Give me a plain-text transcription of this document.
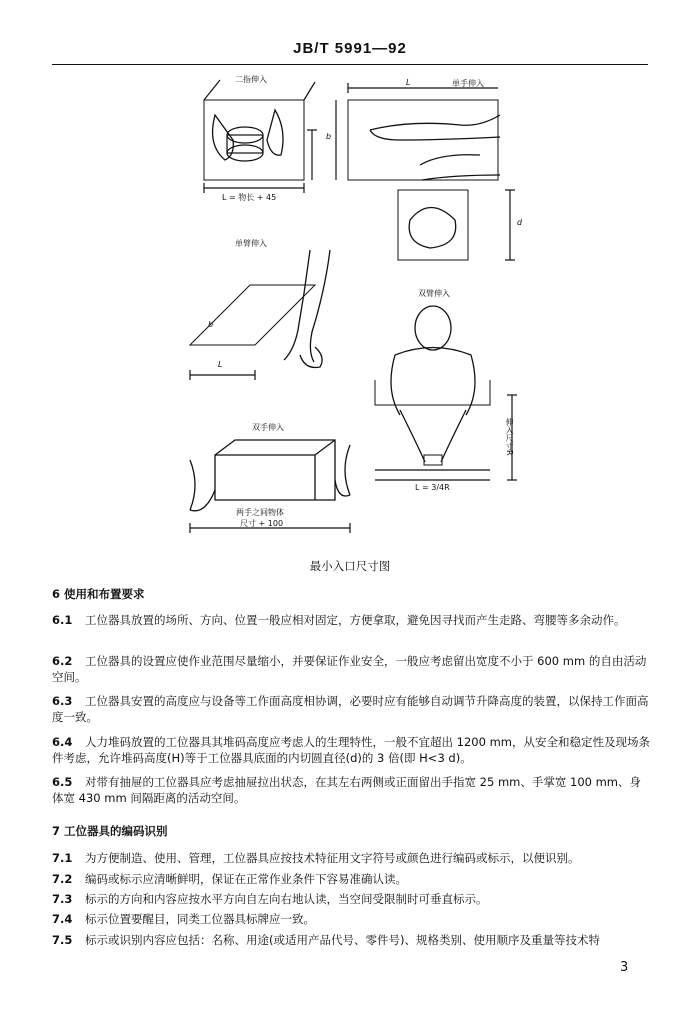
JB/T 5991—92
二指伸入	单手伸入
L
b
d
L = 物长 + 45
单臂伸入
L
b
双臂伸入
伸入尺寸R
L = 3/4R
双手伸入
两手之间物体
尺寸 + 100
最小入口尺寸图
6 使用和布置要求

6.1 工位器具放置的场所、方向、位置一般应相对固定，方便拿取，避免因寻找而产生走路、弯腰等多余动作。

6.2 工位器具的设置应使作业范围尽量缩小，并要保证作业安全，一般应考虑留出宽度不小于 600 mm 的自由活动空间。

6.3 工位器具安置的高度应与设备等工作面高度相协调，必要时应有能够自动调节升降高度的装置，以保持工作面高度一致。

6.4 人力堆码放置的工位器具其堆码高度应考虑人的生理特性，一般不宜超出 1200 mm，从安全和稳定性及现场条件考虑，允许堆码高度(H)等于工位器具底面的内切圆直径(d)的 3 倍(即 H<3 d)。

6.5 对带有抽屉的工位器具应考虑抽屉拉出状态，在其左右两侧或正面留出手指宽 25 mm、手掌宽 100 mm、身体宽 430 mm 间隔距离的活动空间。

7 工位器具的编码识别

7.1 为方便制造、使用、管理，工位器具应按技术特征用文字符号或颜色进行编码或标示，以便识别。

7.2 编码或标示应清晰鲜明，保证在正常作业条件下容易准确认读。

7.3 标示的方向和内容应按水平方向自左向右地认读，当空间受限制时可垂直标示。

7.4 标示位置要醒目，同类工位器具标牌应一致。

7.5 标示或识别内容应包括：名称、用途(或适用产品代号、零件号)、规格类别、使用顺序及重量等技术特

3
